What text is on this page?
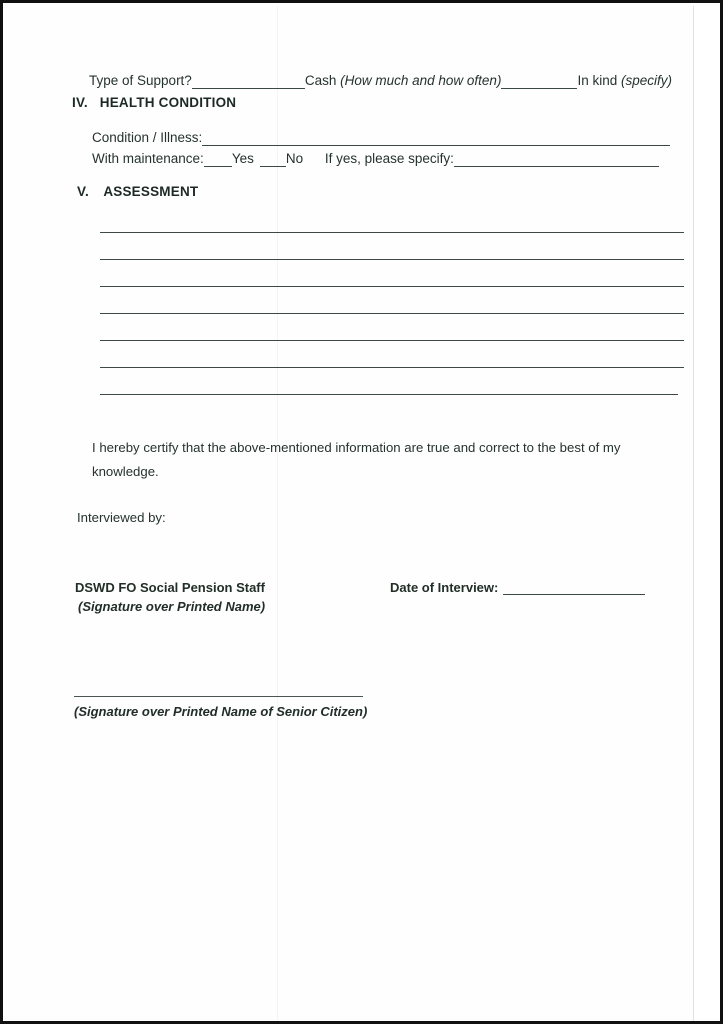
Type of Support?	Cash (How much and how often)	In kind (specify)
IV. HEALTH CONDITION
Condition / Illness:
With maintenance: Yes No If yes, please specify:
V. ASSESSMENT
I hereby certify that the above-mentioned information are true and correct to the best of my
knowledge.
Interviewed by:
DSWD FO Social Pension Staff
(Signature over Printed Name)
Date of Interview:
(Signature over Printed Name of Senior Citizen)
